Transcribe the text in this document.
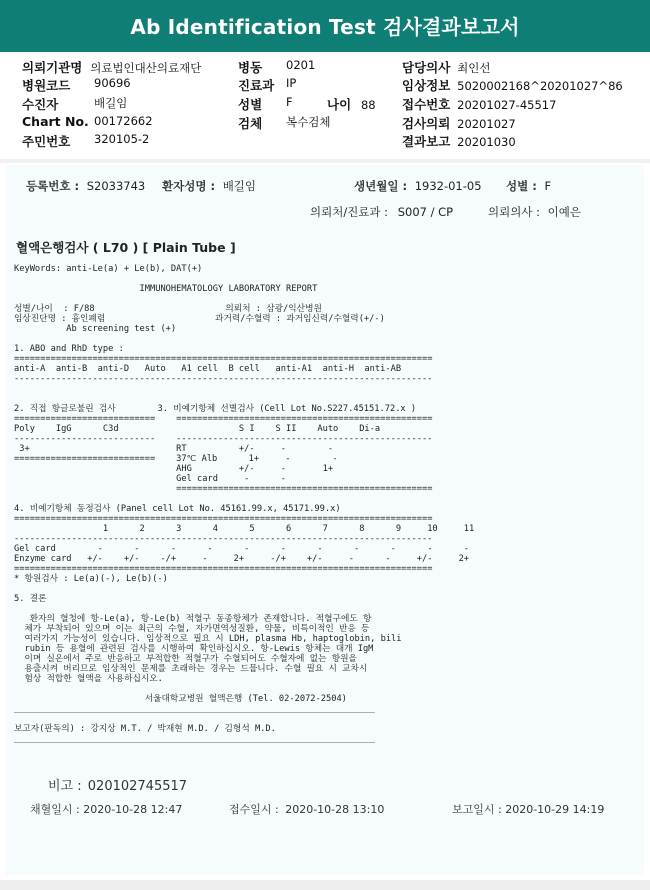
Ab Identification Test 검사결과보고서
의뢰기관명 의료법인대산의료재단
병원코드 90696
수진자	배길임
Chart No. 00172662
주민번호 320105-2
병동 0201
진료과 IP
성별 F	나이 88
검체 복수검체
담당의사 최인선
임상정보 5020002168^20201027^86
접수번호 20201027-45517
검사의뢰 20201027
결과보고 20201030
등록번호 : S2033743 환자성명 : 배길임	생년월일 : 1932-01-05 성별 : F
의뢰처/진료과 : S007 / CP	의뢰의사 : 이예은
혈액은행검사 ( L70 ) [ Plain Tube ]
KeyWords: anti-Le(a) + Le(b), DAT(+)

IMMUNOHEMATOLOGY LABORATORY REPORT

성별/나이  : F/88                         의뢰처 : 삼광/익산병원
임상진단명 : 흉인폐렴                     과거력/수혈력 : 과거임신력/수혈력(+/-)
Ab screening test (+)

1. ABO and RhD type :
================================================================================
anti-A  anti-B  anti-D   Auto   A1 cell  B cell   anti-A1  anti-H  anti-AB
--------------------------------------------------------------------------------

2. 직접 항글로불린 검사        3. 비예기항체 선별검사 (Cell Lot No.S227.45151.72.x )
===========================    =================================================
Poly    IgG      C3d                       S I    S II    Auto    Di-a
---------------------------    -------------------------------------------------
3+                            RT          +/-     -        -
===========================    37℃ Alb      1+     -        -
AHG         +/-     -       1+
Gel card     -      -
=================================================

4. 비예기항체 동정검사 (Panel cell Lot No. 45161.99.x, 45171.99.x)
================================================================================
1      2      3      4      5      6      7      8      9     10     11
--------------------------------------------------------------------------------
Gel card        -      -      -      -      -      -      -      -      -      -      -
Enzyme card   +/-    +/-    -/+     -     2+     -/+    +/-     -      -     +/-     2+
================================================================================
* 항원검사 : Le(a)(-), Le(b)(-)

5. 결론

환자의 혈청에 항-Le(a), 항-Le(b) 적혈구 동종항체가 존재합니다. 적혈구에도 항
체가 부착되어 있으며 이는 최근의 수혈, 자가면역성질환, 약물, 비특이적인 반응 등
여러가지 가능성이 있습니다. 임상적으로 필요 시 LDH, plasma Hb, haptoglobin, bili
rubin 등 용혈에 관련된 검사를 시행하여 확인하십시오. 항-Lewis 항체는 대개 IgM
이며 실온에서 주로 반응하고 부적합한 적혈구가 수혈되어도 수혈자에 없는 항원을
용출시켜 버리므로 임상적인 문제를 초래하는 경우는 드뭅니다. 수혈 필요 시 교차시
험상 적합한 혈액을 사용하십시오.

서울대학교병원 혈액은행 (Tel. 02-2072-2504)
_____________________________________________________________________

보고자(판독의) : 강지상 M.T. / 박재현 M.D. / 김형석 M.D.
_____________________________________________________________________
비고 : 020102745517
채혈일시 : 2020-10-28 12:47	접수일시 : 2020-10-28 13:10	보고일시 : 2020-10-29 14:19
